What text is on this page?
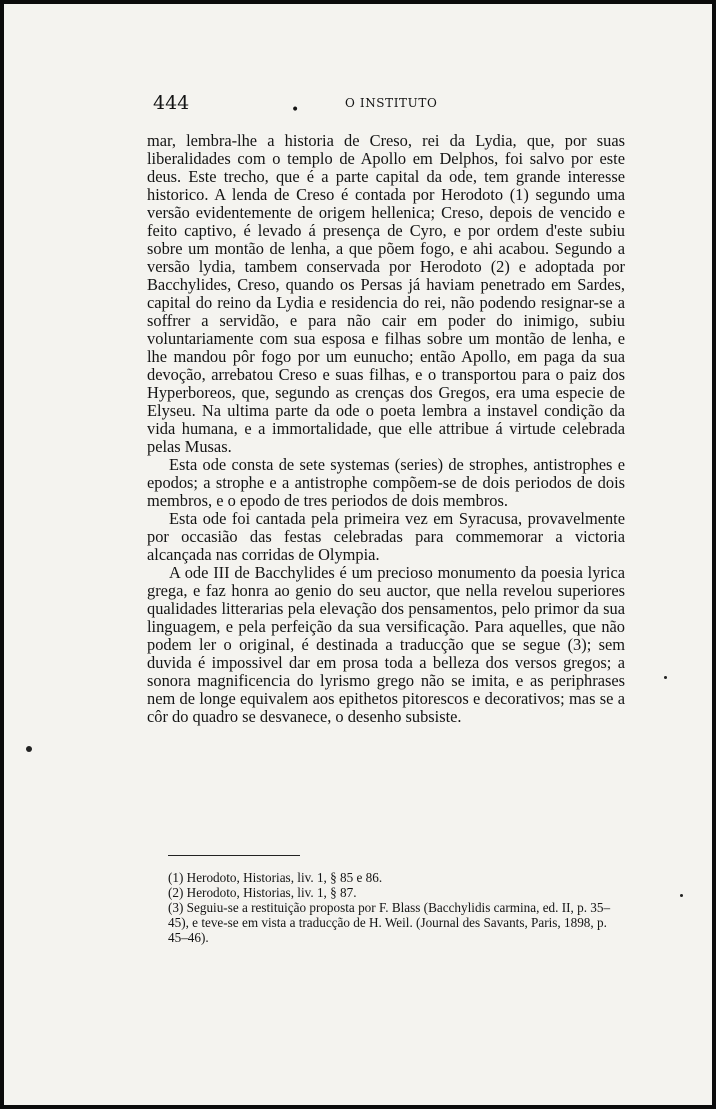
444	•	O INSTITUTO

mar, lembra-lhe a historia de Creso, rei da Lydia, que, por suas liberalidades com o templo de Apollo em Delphos, foi salvo por este deus. Este trecho, que é a parte capital da ode, tem grande interesse historico. A lenda de Creso é contada por Herodoto (1) segundo uma versão evidentemente de origem hellenica; Creso, depois de vencido e feito captivo, é levado á presença de Cyro, e por ordem d'este subiu sobre um montão de lenha, a que põem fogo, e ahi acabou. Segundo a versão lydia, tambem conservada por Herodoto (2) e adoptada por Bacchylides, Creso, quando os Persas já haviam penetrado em Sardes, capital do reino da Lydia e residencia do rei, não podendo resignar-se a soffrer a servidão, e para não cair em poder do inimigo, subiu voluntariamente com sua esposa e filhas sobre um montão de lenha, e lhe mandou pôr fogo por um eunucho; então Apollo, em paga da sua devoção, arrebatou Creso e suas filhas, e o transportou para o paiz dos Hyperboreos, que, segundo as crenças dos Gregos, era uma especie de Elyseu. Na ultima parte da ode o poeta lembra a instavel condição da vida humana, e a immortalidade, que elle attribue á virtude celebrada pelas Musas.

Esta ode consta de sete systemas (series) de strophes, antistrophes e epodos; a strophe e a antistrophe compõem-se de dois periodos de dois membros, e o epodo de tres periodos de dois membros.

Esta ode foi cantada pela primeira vez em Syracusa, provavelmente por occasião das festas celebradas para commemorar a victoria alcançada nas corridas de Olympia.

A ode III de Bacchylides é um precioso monumento da poesia lyrica grega, e faz honra ao genio do seu auctor, que nella revelou superiores qualidades litterarias pela elevação dos pensamentos, pelo primor da sua linguagem, e pela perfeição da sua versificação. Para aquelles, que não podem ler o original, é destinada a traducção que se segue (3); sem duvida é impossivel dar em prosa toda a belleza dos versos gregos; a sonora magnificencia do lyrismo grego não se imita, e as periphrases nem de longe equivalem aos epithetos pitorescos e decorativos; mas se a côr do quadro se desvanece, o desenho subsiste.

(1) Herodoto, Historias, liv. 1, § 85 e 86.

(2) Herodoto, Historias, liv. 1, § 87.

(3) Seguiu-se a restituição proposta por F. Blass (Bacchylidis carmina, ed. II, p. 35–45), e teve-se em vista a traducção de H. Weil. (Journal des Savants, Paris, 1898, p. 45–46).
